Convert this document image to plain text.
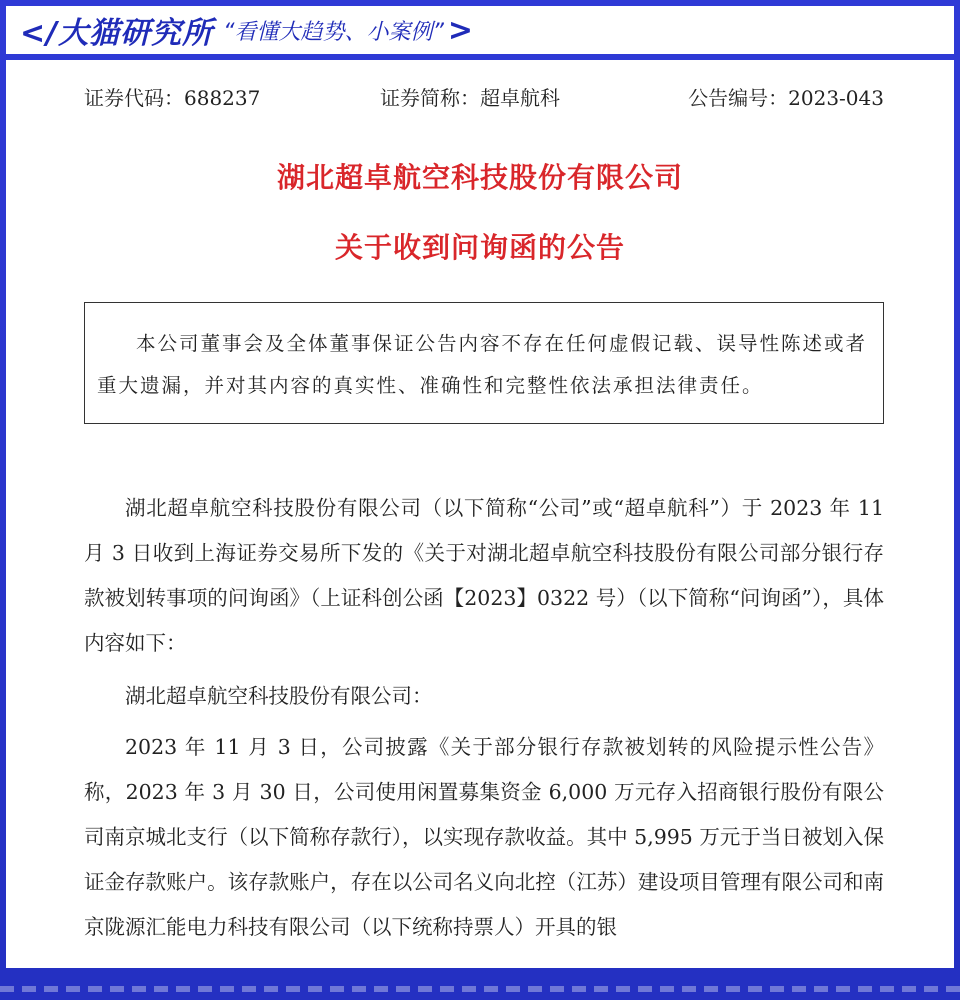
</大猫研究所 “看懂大趋势、小案例” >
证券代码：688237	证券简称：超卓航科	公告编号：2023-043
湖北超卓航空科技股份有限公司
关于收到问询函的公告
本公司董事会及全体董事保证公告内容不存在任何虚假记载、误导性陈述或者重大遗漏，并对其内容的真实性、准确性和完整性依法承担法律责任。

湖北超卓航空科技股份有限公司（以下简称“公司”或“超卓航科”）于 2023 年 11 月 3 日收到上海证券交易所下发的《关于对湖北超卓航空科技股份有限公司部分银行存款被划转事项的问询函》（上证科创公函【2023】0322 号）（以下简称“问询函”），具体内容如下：

湖北超卓航空科技股份有限公司：

2023 年 11 月 3 日，公司披露《关于部分银行存款被划转的风险提示性公告》称，2023 年 3 月 30 日，公司使用闲置募集资金 6,000 万元存入招商银行股份有限公司南京城北支行（以下简称存款行），以实现存款收益。其中 5,995 万元于当日被划入保证金存款账户。该存款账户，存在以公司名义向北控（江苏）建设项目管理有限公司和南京陇源汇能电力科技有限公司（以下统称持票人）开具的银
